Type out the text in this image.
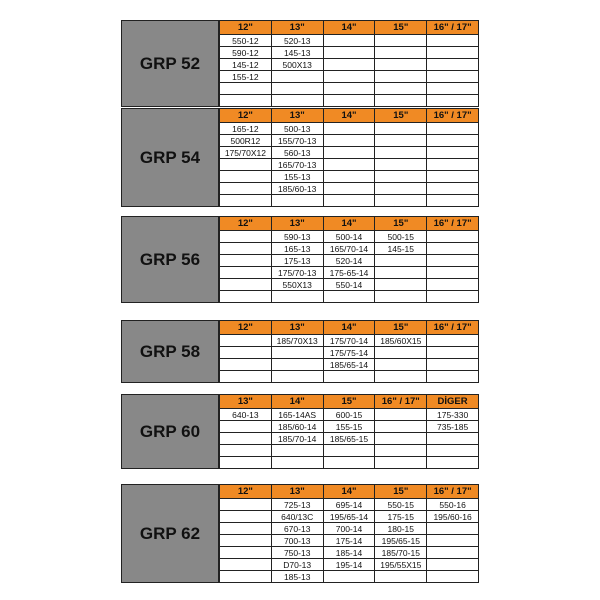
GRP 52
12"	13"	14"	15"	16" / 17"
550-12	520-13			
590-12	145-13			
145-12	500X13			
155-12				

GRP 54
12"	13"	14"	15"	16" / 17"
165-12	500-13			
500R12	155/70-13			
175/70X12	560-13			
	165/70-13			
	155-13			
	185/60-13			

GRP 56
12"	13"	14"	15"	16" / 17"
	590-13	500-14	500-15	
	165-13	165/70-14	145-15	
	175-13	520-14		
	175/70-13	175-65-14		
	550X13	550-14		

GRP 58
12"	13"	14"	15"	16" / 17"
	185/70X13	175/70-14	185/60X15	
		175/75-14		
		185/65-14		

GRP 60
13"	14"	15"	16" / 17"	DİGER
640-13	165-14AS	600-15		175-330
	185/60-14	155-15		735-185
	185/70-14	185/65-15		

GRP 62
12"	13"	14"	15"	16" / 17"
	725-13	695-14	550-15	550-16
	640/13C	195/65-14	175-15	195/60-16
	670-13	700-14	180-15	
	700-13	175-14	195/65-15	
	750-13	185-14	185/70-15	
	D70-13	195-14	195/55X15	
	185-13			
